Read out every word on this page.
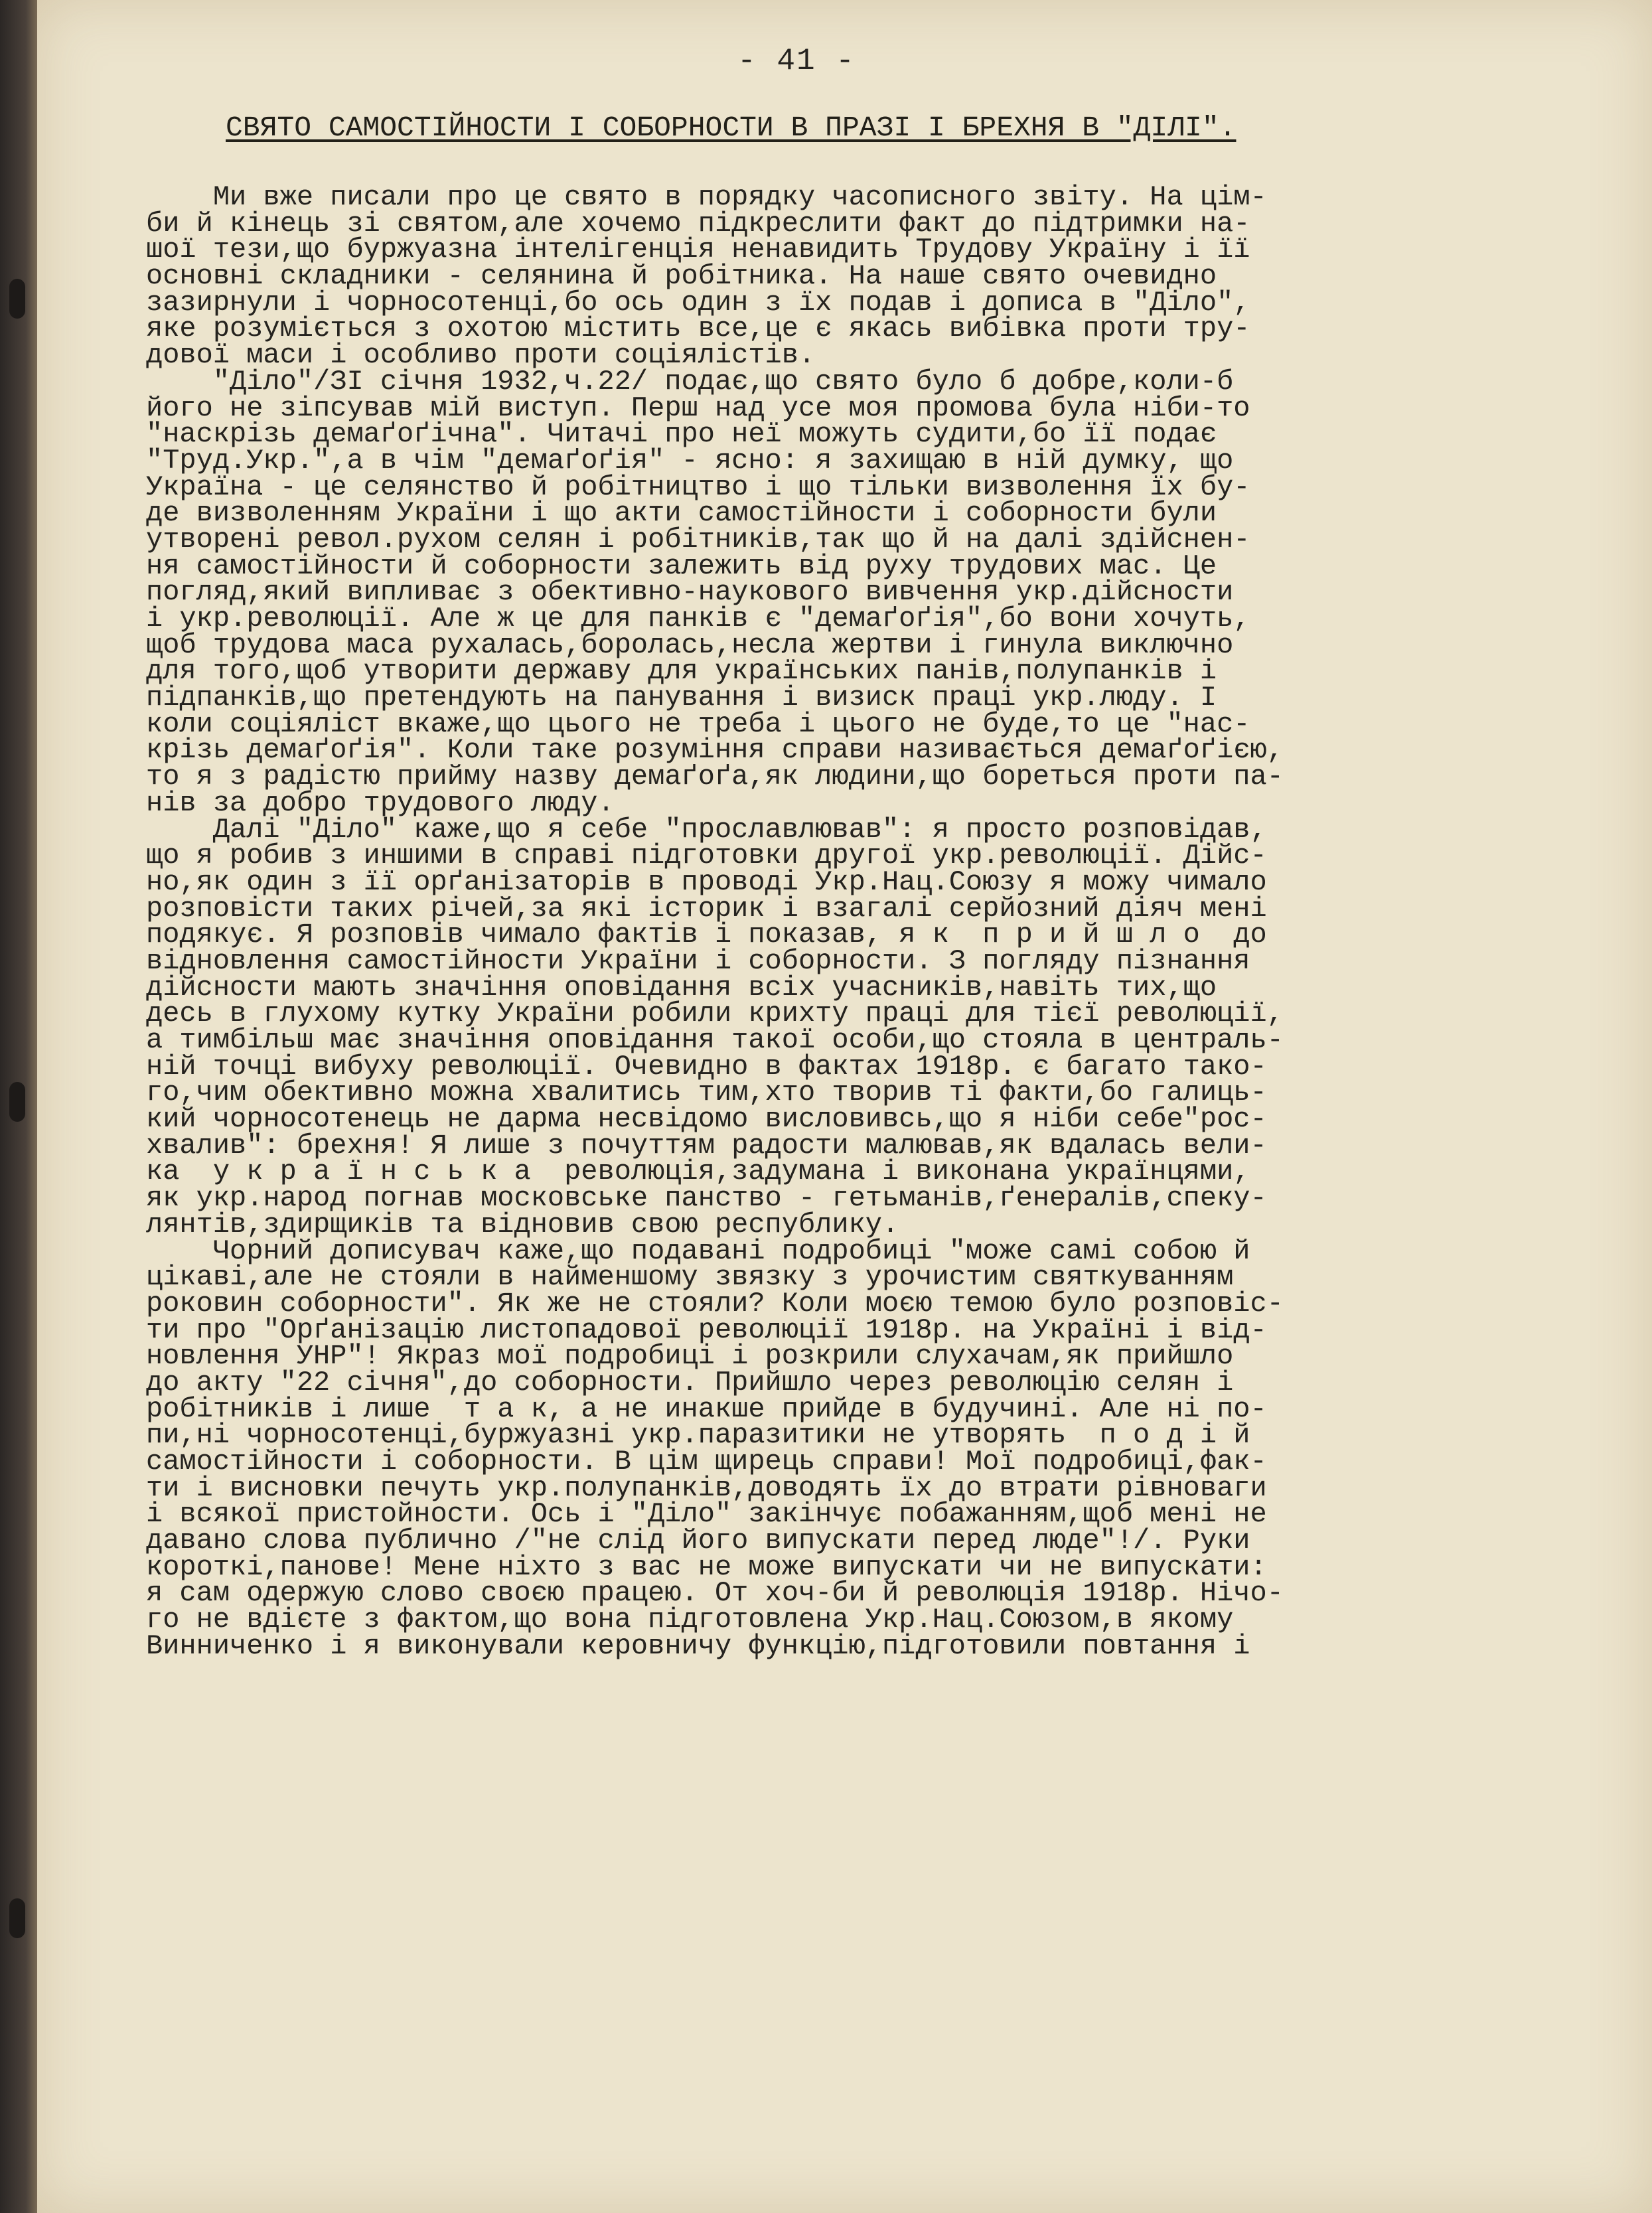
- 41 -
СВЯТО САМОСТІЙНОСТИ І СОБОРНОСТИ В ПРАЗІ І БРЕХНЯ В "ДІЛІ".
Ми вже писали про це свято в порядку часописного звіту. На цім-
би й кінець зі святом,але хочемо підкреслити факт до підтримки на-
шої тези,що буржуазна інтелігенція ненавидить Трудову Україну і її
основні складники - селянина й робітника. На наше свято очевидно
зазирнули і чорносотенці,бо ось один з їх подав і дописа в "Діло",
яке розуміється з охотою містить все,це є якась вибівка проти тру-
дової маси і особливо проти соціялістів.
"Діло"/ЗІ січня 1932,ч.22/ подає,що свято було б добре,коли-б
його не зіпсував мій виступ. Перш над усе моя промова була ніби-то
"наскрізь демаґоґічна". Читачі про неї можуть судити,бо її подає
"Труд.Укр.",а в чім "демаґоґія" - ясно: я захищаю в ній думку, що
Україна - це селянство й робітництво і що тільки визволення їх бу-
де визволенням України і що акти самостійности і соборности були
утворені револ.рухом селян і робітників,так що й на далі здійснен-
ня самостійности й соборности залежить від руху трудових мас. Це
погляд,який випливає з обективно-наукового вивчення укр.дійсности
і укр.революції. Але ж це для панків є "демаґоґія",бо вони хочуть,
щоб трудова маса рухалась,боролась,несла жертви і гинула виключно
для того,щоб утворити державу для українських панів,полупанків і
підпанків,що претендують на панування і визиск праці укр.люду. І
коли соціяліст вкаже,що цього не треба і цього не буде,то це "нас-
крізь демаґоґія". Коли таке розуміння справи називається демаґоґією,
то я з радістю прийму назву демаґоґа,як людини,що бореться проти па-
нів за добро трудового люду.
Далі "Діло" каже,що я себе "прославлював": я просто розповідав,
що я робив з иншими в справі підготовки другої укр.революції. Дійс-
но,як один з її орґанізаторів в проводі Укр.Нац.Союзу я можу чимало
розповісти таких річей,за які історик і взагалі серйозний діяч мені
подякує. Я розповів чимало фактів і показав, я к  п р и й ш л о  до
відновлення самостійности України і соборности. З погляду пізнання
дійсности мають значіння оповідання всіх учасників,навіть тих,що
десь в глухому кутку України робили крихту праці для тієї революції,
а тимбільш має значіння оповідання такої особи,що стояла в централь-
ній точці вибуху революції. Очевидно в фактах 1918р. є багато тако-
го,чим обективно можна хвалитись тим,хто творив ті факти,бо галиць-
кий чорносотенець не дарма несвідомо висловивсь,що я ніби себе"рос-
хвалив": брехня! Я лише з почуттям радости малював,як вдалась вели-
ка  у к р а ї н с ь к а  революція,задумана і виконана українцями,
як укр.народ погнав московське панство - гетьманів,ґенералів,спеку-
лянтів,здирщиків та відновив свою республику.
Чорний дописувач каже,що подавані подробиці "може самі собою й
цікаві,але не стояли в найменшому звязку з урочистим святкуванням
роковин соборности". Як же не стояли? Коли моєю темою було розповіс-
ти про "Орґанізацію листопадової революції 1918р. на Україні і від-
новлення УНР"! Якраз мої подробиці і розкрили слухачам,як прийшло
до акту "22 січня",до соборности. Прийшло через революцію селян і
робітників і лише  т а к, а не инакше прийде в будучині. Але ні по-
пи,ні чорносотенці,буржуазні укр.паразитики не утворять  п о д і й
самостійности і соборности. В цім щирець справи! Мої подробиці,фак-
ти і висновки печуть укр.полупанків,доводять їх до втрати рівноваги
і всякої пристойности. Ось і "Діло" закінчує побажанням,щоб мені не
давано слова публично /"не слід його випускати перед люде"!/. Руки
короткі,панове! Мене ніхто з вас не може випускати чи не випускати:
я сам одержую слово своєю працею. От хоч-би й революція 1918р. Нічо-
го не вдієте з фактом,що вона підготовлена Укр.Нац.Союзом,в якому
Винниченко і я виконували керовничу функцію,підготовили повтання і
